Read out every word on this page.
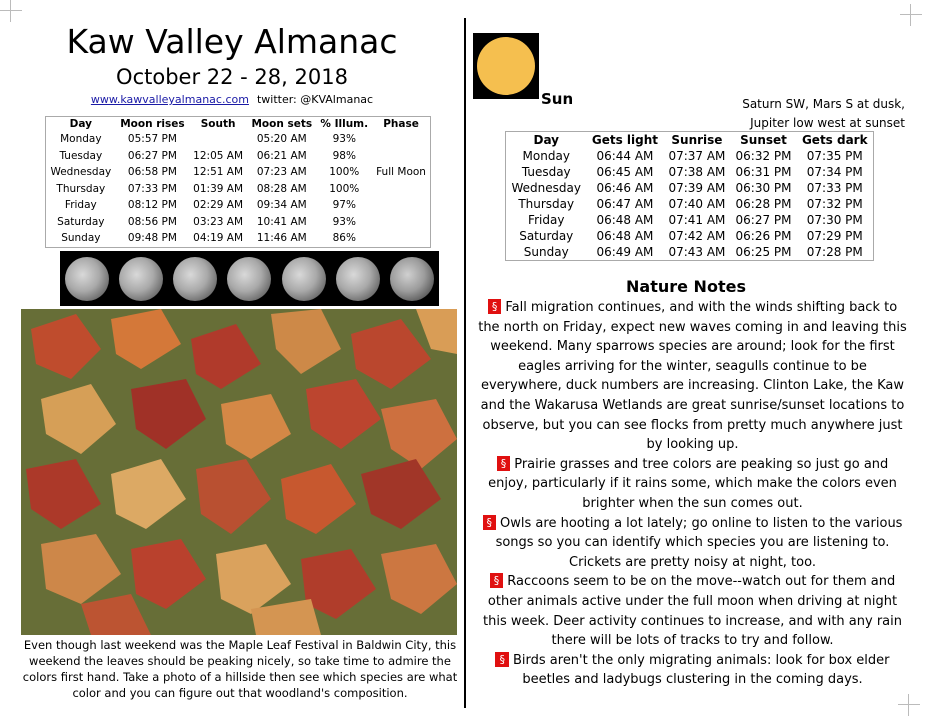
Kaw Valley Almanac
October 22 - 28, 2018
www.kawvalleyalmanac.com twitter: @KVAlmanac
Day	Moon rises	South	Moon sets	% Illum.	Phase
Monday	05:57 PM		05:20 AM	93%	
Tuesday	06:27 PM	12:05 AM	06:21 AM	98%	
Wednesday	06:58 PM	12:51 AM	07:23 AM	100%	Full Moon
Thursday	07:33 PM	01:39 AM	08:28 AM	100%	
Friday	08:12 PM	02:29 AM	09:34 AM	97%	
Saturday	08:56 PM	03:23 AM	10:41 AM	93%	
Sunday	09:48 PM	04:19 AM	11:46 AM	86%	
Even though last weekend was the Maple Leaf Festival in Baldwin City, this weekend the leaves should be peaking nicely, so take time to admire the colors first hand. Take a photo of a hillside then see which species are what color and you can figure out that woodland's composition.
Sun	Saturn SW, Mars S at dusk,
Jupiter low west at sunset
Day	Gets light	Sunrise	Sunset	Gets dark
Monday	06:44 AM	07:37 AM	06:32 PM	07:35 PM
Tuesday	06:45 AM	07:38 AM	06:31 PM	07:34 PM
Wednesday	06:46 AM	07:39 AM	06:30 PM	07:33 PM
Thursday	06:47 AM	07:40 AM	06:28 PM	07:32 PM
Friday	06:48 AM	07:41 AM	06:27 PM	07:30 PM
Saturday	06:48 AM	07:42 AM	06:26 PM	07:29 PM
Sunday	06:49 AM	07:43 AM	06:25 PM	07:28 PM
Nature Notes

§ Fall migration continues, and with the winds shifting back to the north on Friday, expect new waves coming in and leaving this weekend. Many sparrows species are around; look for the first eagles arriving for the winter, seagulls continue to be everywhere, duck numbers are increasing. Clinton Lake, the Kaw and the Wakarusa Wetlands are great sunrise/sunset locations to observe, but you can see flocks from pretty much anywhere just by looking up.

§ Prairie grasses and tree colors are peaking so just go and enjoy, particularly if it rains some, which make the colors even brighter when the sun comes out.

§ Owls are hooting a lot lately; go online to listen to the various songs so you can identify which species you are listening to. Crickets are pretty noisy at night, too.

§ Raccoons seem to be on the move--watch out for them and other animals active under the full moon when driving at night this week. Deer activity continues to increase, and with any rain there will be lots of tracks to try and follow.

§ Birds aren't the only migrating animals: look for box elder beetles and ladybugs clustering in the coming days.
